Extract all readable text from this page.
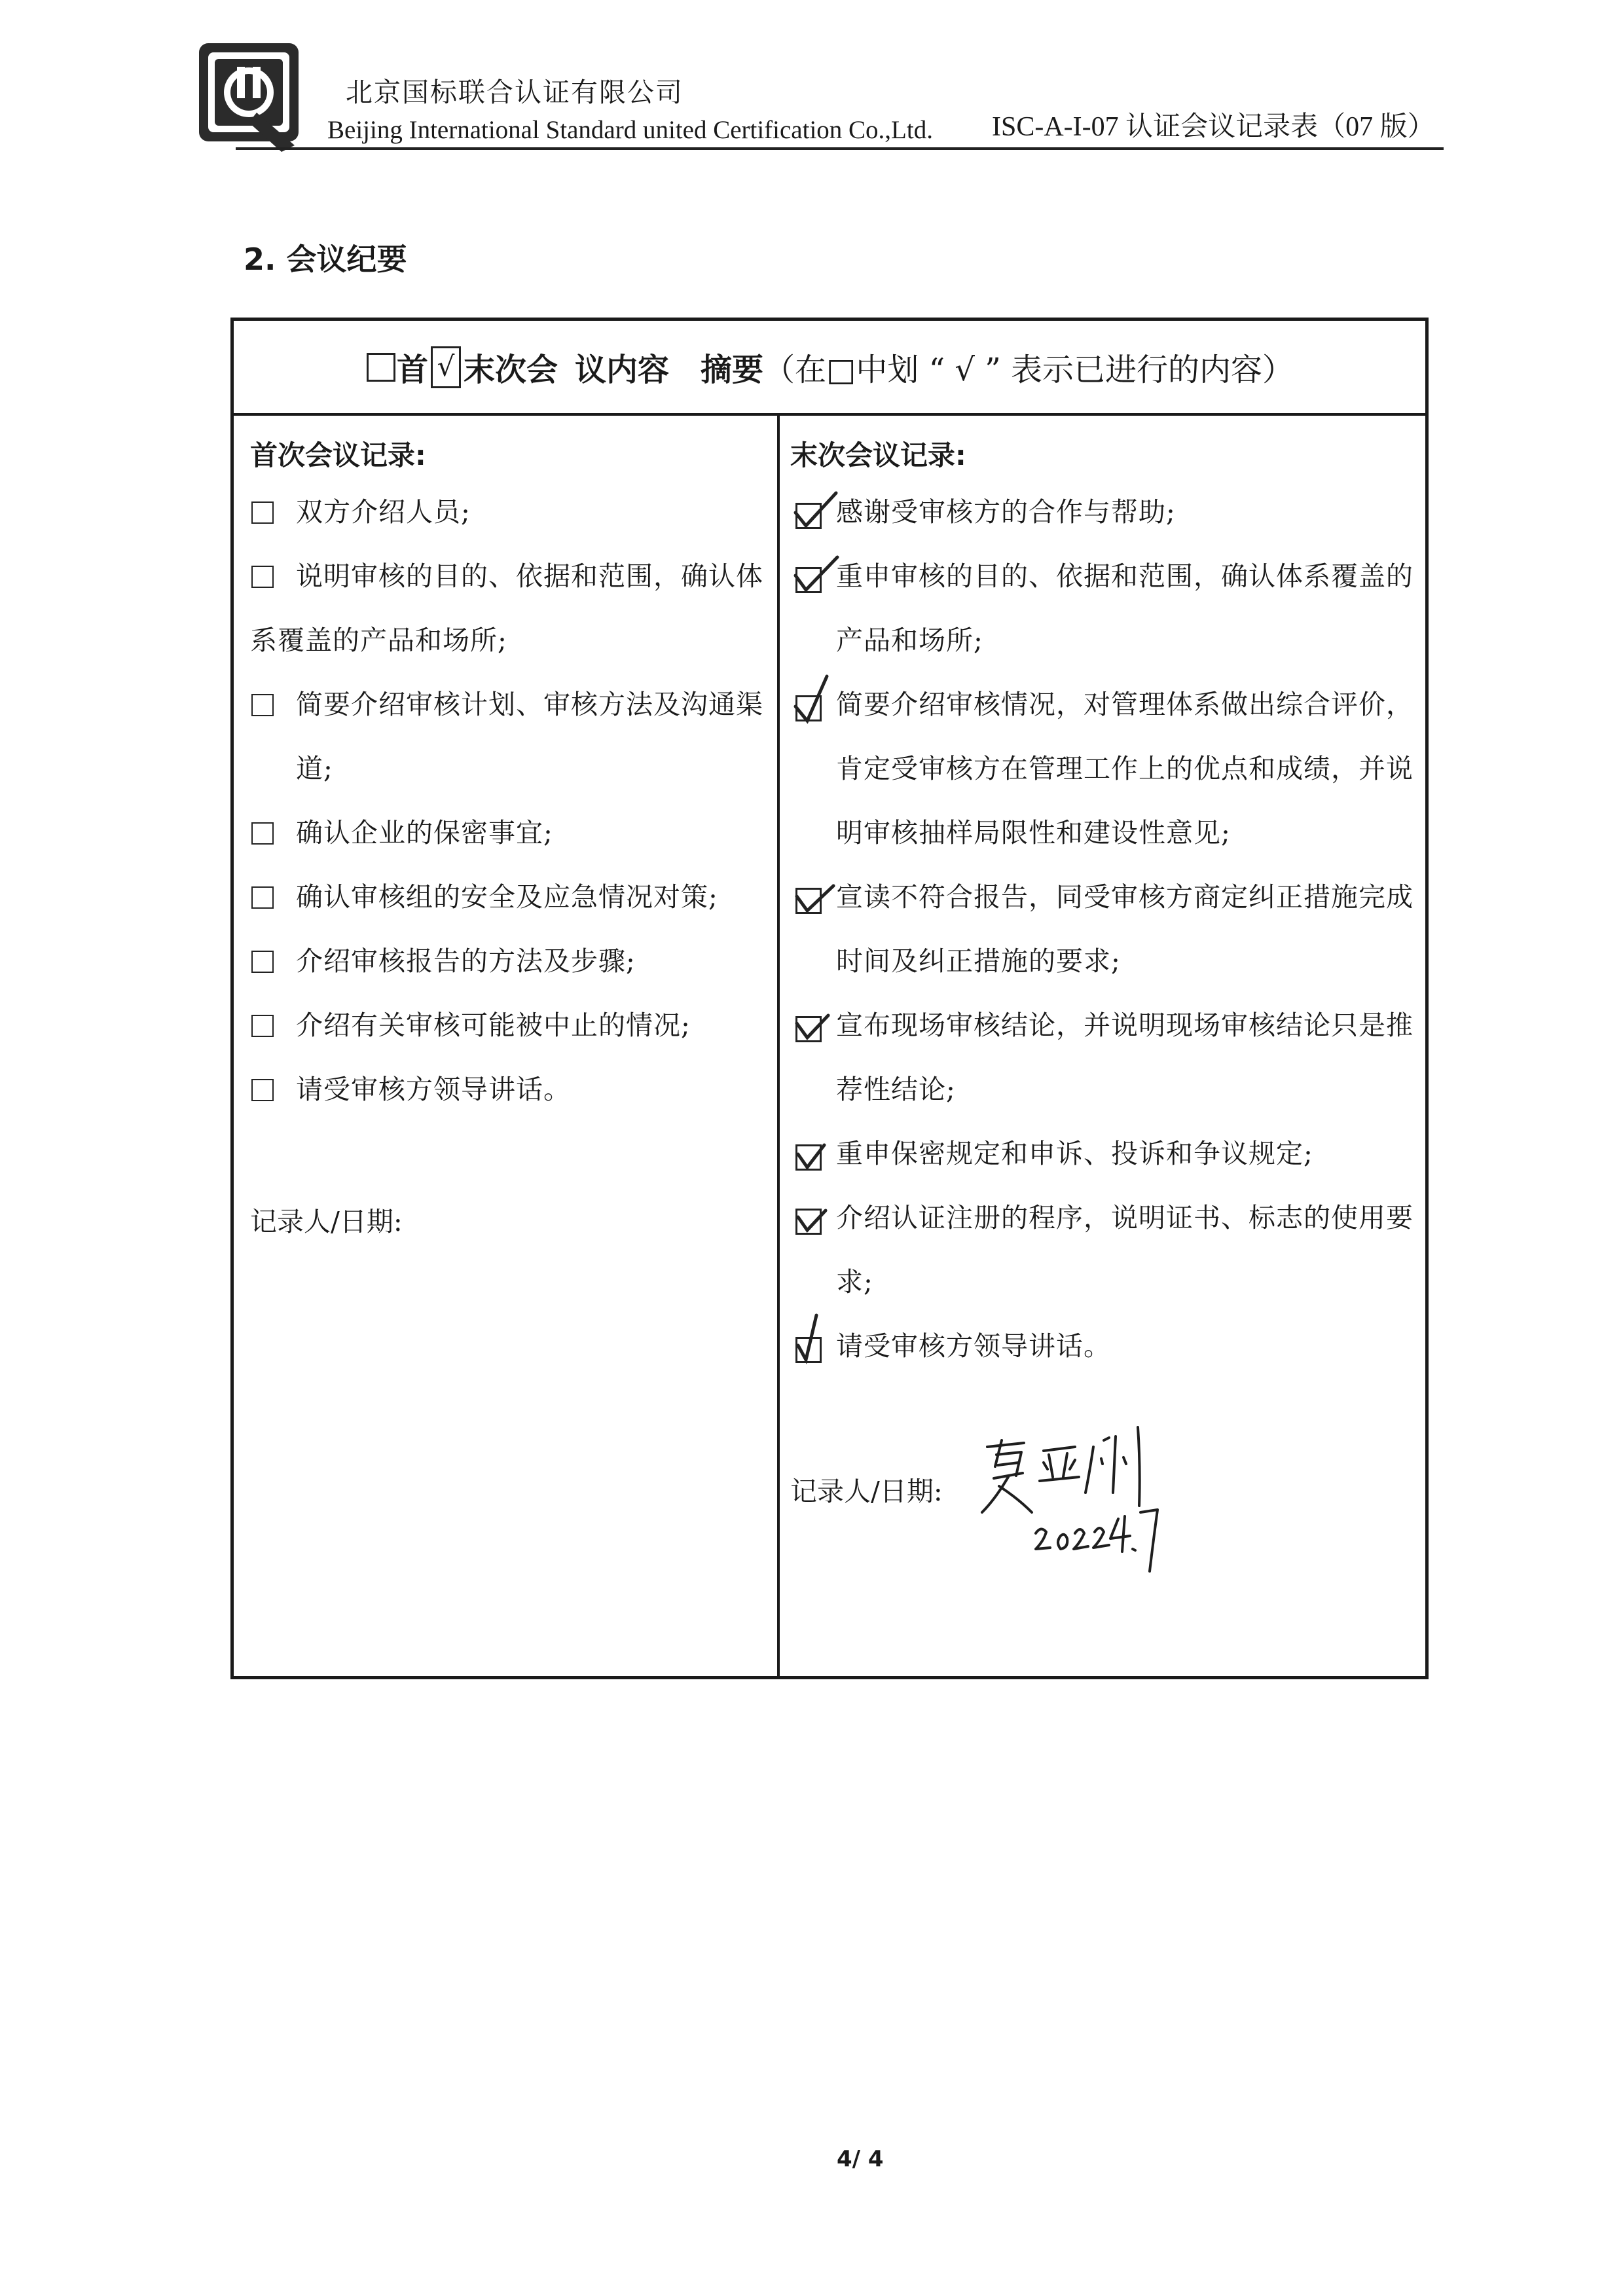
北京国标联合认证有限公司
Beijing International Standard united Certification Co.,Ltd. ISC-A-I-07 认证会议记录表（07 版）
2. 会议纪要
首 √ 末次会 议内容 摘要 （在□中划 “ √ ” 表示已进行的内容）
首次会议记录:
双方介绍人员;
说明审核的目的、依据和范围，确认体系覆盖的产品和场所;
简要介绍审核计划、审核方法及沟通渠道;
确认企业的保密事宜;
确认审核组的安全及应急情况对策;
介绍审核报告的方法及步骤;
介绍有关审核可能被中止的情况;
请受审核方领导讲话。
记录人/日期:
末次会议记录:
感谢受审核方的合作与帮助;
重申审核的目的、依据和范围，确认体系覆盖的产品和场所;
简要介绍审核情况，对管理体系做出综合评价，肯定受审核方在管理工作上的优点和成绩，并说明审核抽样局限性和建设性意见;
宣读不符合报告，同受审核方商定纠正措施完成时间及纠正措施的要求;
宣布现场审核结论，并说明现场审核结论只是推荐性结论;
重申保密规定和申诉、投诉和争议规定;
介绍认证注册的程序，说明证书、标志的使用要求;
请受审核方领导讲话。
记录人/日期:
4/ 4
